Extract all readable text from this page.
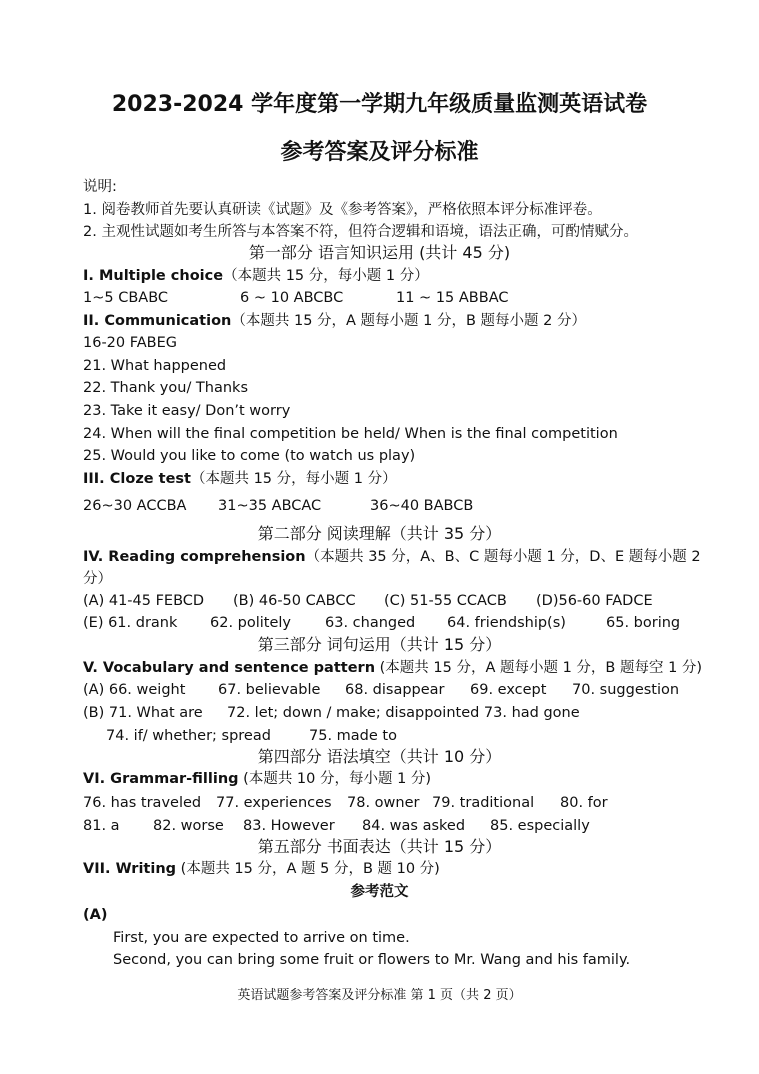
2023-2024 学年度第一学期九年级质量监测英语试卷
参考答案及评分标准
说明:
1. 阅卷教师首先要认真研读《试题》及《参考答案》，严格依照本评分标准评卷。
2. 主观性试题如考生所答与本答案不符，但符合逻辑和语境，语法正确，可酌情赋分。
第一部分 语言知识运用 (共计 45 分)
I. Multiple choice（本题共 15 分，每小题 1 分）
1~5 CBABC	6 ~ 10 ABCBC	11 ~ 15 ABBAC
II. Communication（本题共 15 分，A 题每小题 1 分，B 题每小题 2 分）
16-20 FABEG
21. What happened
22. Thank you/ Thanks
23. Take it easy/ Don’t worry
24. When will the final competition be held/ When is the final competition
25. Would you like to come (to watch us play)
III. Cloze test（本题共 15 分，每小题 1 分）
26~30 ACCBA 31~35 ABCAC	36~40 BABCB
第二部分 阅读理解（共计 35 分）
IV. Reading comprehension（本题共 35 分，A、B、C 题每小题 1 分，D、E 题每小题 2
分）
(A) 41-45 FEBCD (B) 46-50 CABCC (C) 51-55 CCACB (D)56-60 FADCE
(E) 61. drank 62. politely 63. changed 64. friendship(s)	65. boring
第三部分 词句运用（共计 15 分）
V. Vocabulary and sentence pattern (本题共 15 分，A 题每小题 1 分，B 题每空 1 分)
(A) 66. weight 67. believable 68. disappear 69. except 70. suggestion
(B) 71. What are 72. let; down / make; disappointed 73. had gone
74. if/ whether; spread	75. made to
第四部分 语法填空（共计 10 分）
VI. Grammar-filling (本题共 10 分，每小题 1 分)
76. has traveled 77. experiences 78. owner 79. traditional 80. for
81. a 82. worse 83. However 84. was asked 85. especially
第五部分 书面表达（共计 15 分）
VII. Writing (本题共 15 分，A 题 5 分，B 题 10 分)
参考范文
(A)
First, you are expected to arrive on time.
Second, you can bring some fruit or flowers to Mr. Wang and his family.
英语试题参考答案及评分标准 第 1 页（共 2 页）
